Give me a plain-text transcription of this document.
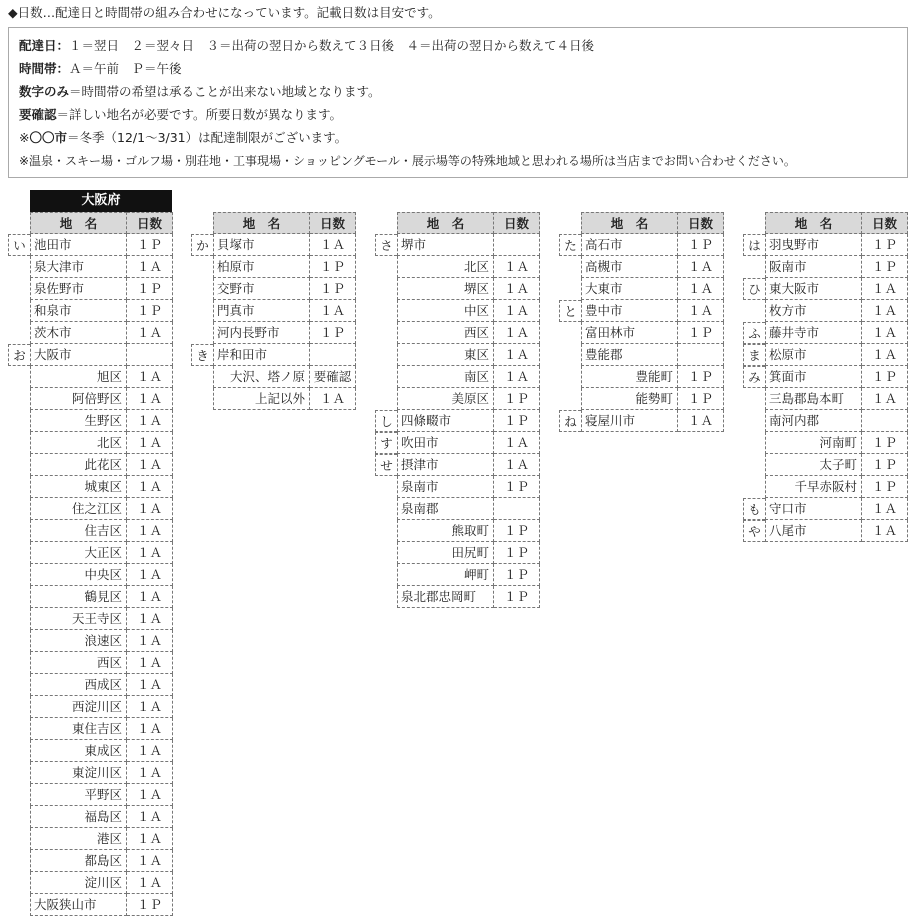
◆日数…配達日と時間帯の組み合わせになっています。記載日数は目安です。
配達日：１＝翌日　２＝翌々日　３＝出荷の翌日から数えて３日後　４＝出荷の翌日から数えて４日後
時間帯：Ａ＝午前　Ｐ＝午後
数字のみ＝時間帯の希望は承ることが出来ない地域となります。
要確認＝詳しい地名が必要です。所要日数が異なります。
※〇〇市＝冬季（12/1～3/31）は配達制限がございます。
※温泉・スキー場・ゴルフ場・別荘地・工事現場・ショッピングモール・展示場等の特殊地域と思われる場所は当店までお問い合わせください。
大阪府
地　名	日数
い 池田市	１Ｐ
泉大津市	１Ａ
泉佐野市	１Ｐ
和泉市	１Ｐ
茨木市	１Ａ
お 大阪市
旭区	１Ａ
阿倍野区	１Ａ
生野区	１Ａ
北区	１Ａ
此花区	１Ａ
城東区	１Ａ
住之江区	１Ａ
住吉区	１Ａ
大正区	１Ａ
中央区	１Ａ
鶴見区	１Ａ
天王寺区	１Ａ
浪速区	１Ａ
西区	１Ａ
西成区	１Ａ
西淀川区	１Ａ
東住吉区	１Ａ
東成区	１Ａ
東淀川区	１Ａ
平野区	１Ａ
福島区	１Ａ
港区	１Ａ
都島区	１Ａ
淀川区	１Ａ
大阪狭山市	１Ｐ
地　名	日数
か 貝塚市	１Ａ
柏原市	１Ｐ
交野市	１Ｐ
門真市	１Ａ
河内長野市	１Ｐ
き 岸和田市
大沢、塔ノ原 要確認
上記以外	１Ａ
地　名	日数
さ 堺市
北区	１Ａ
堺区	１Ａ
中区	１Ａ
西区	１Ａ
東区	１Ａ
南区	１Ａ
美原区	１Ｐ
し 四條畷市	１Ｐ
す 吹田市	１Ａ
せ 摂津市	１Ａ
泉南市	１Ｐ
泉南郡
熊取町	１Ｐ
田尻町	１Ｐ
岬町	１Ｐ
泉北郡忠岡町	１Ｐ
地　名	日数
た 高石市	１Ｐ
高槻市	１Ａ
大東市	１Ａ
と 豊中市	１Ａ
富田林市	１Ｐ
豊能郡
豊能町	１Ｐ
能勢町	１Ｐ
ね 寝屋川市	１Ａ
地　名	日数
は 羽曳野市	１Ｐ
阪南市	１Ｐ
ひ 東大阪市	１Ａ
枚方市	１Ａ
ふ 藤井寺市	１Ａ
ま 松原市	１Ａ
み 箕面市	１Ｐ
三島郡島本町	１Ａ
南河内郡
河南町	１Ｐ
太子町	１Ｐ
千早赤阪村	１Ｐ
も 守口市	１Ａ
や 八尾市	１Ａ
